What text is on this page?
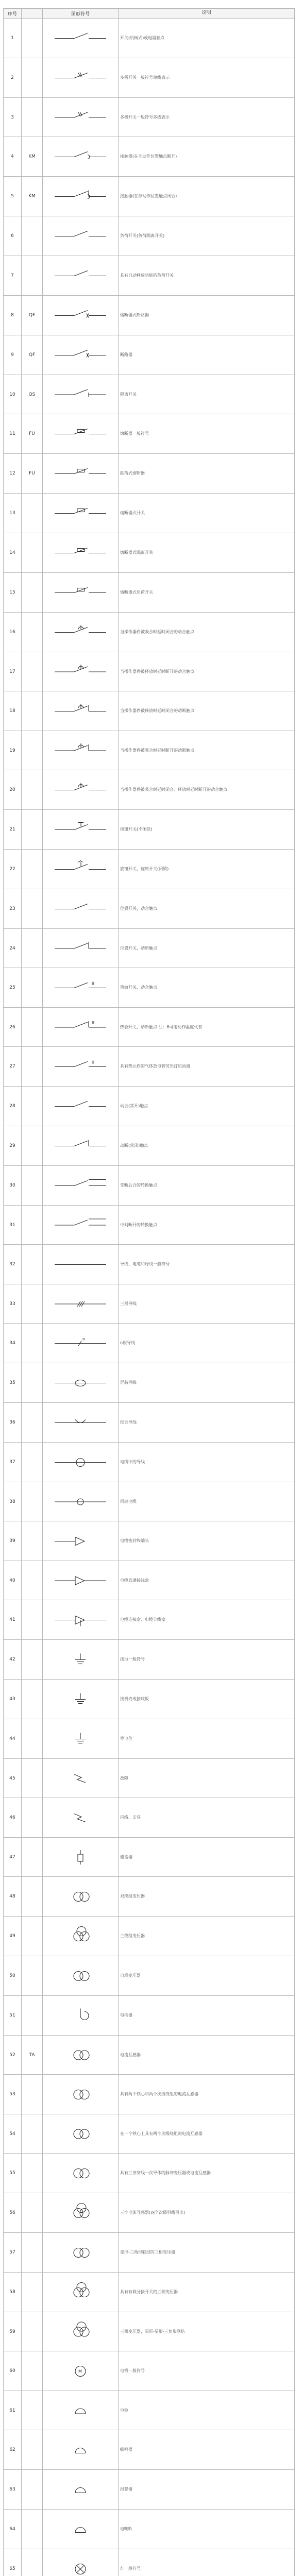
序号		图形符号	说明
1			开关(机械式)或电器触点
2			多极开关一般符号单线表示
3			多极开关一般符号多线表示
4	KM		接触器(在非动作位置触点断开)
5	KM		接触器(在非动作位置触点闭合)
6			负荷开关(负荷隔离开关)
7			具有自动释放功能的负荷开关
8	QF		熔断器式断路器
9	QF		断路器
10	QS		隔离开关
11	FU		熔断器一般符号
12	FU		跌落式熔断器
13			熔断器式开关
14			熔断器式隔离开关
15			熔断器式负荷开关
16			当操作器件被吸合时延时闭合的动合触点
17			当操作器件被释放时延时断开的动合触点
18			当操作器件被释放时延时闭合的动断触点
19			当操作器件被吸合时延时断开的动断触点
20			当操作器件被吸合时延时闭合、释放时延时断开的动合触点
21			按钮开关(不闭锁)
22			旋钮开关、旋转开关(闭锁)
23			位置开关，动合触点
24			位置开关，动断触点
25		θ	热敏开关，动合触点
26		θ	热敏开关，动断触点 注：θ可用动作温度代替
27		θ	具有热元件的气体放电管荧光灯启动器
28			动合(常开)触点
29			动断(常闭)触点
30			先断后合的转换触点
31			中间断开的转换触点
32			导线、电缆和母线一般符号
33			三根导线
34		n	n根导线
35			屏蔽导线
36			绞合导线
37			电缆中的导线
38			同轴电缆
39			电缆密封终端头
40			电缆直通接线盒
41			电缆连接盒、电缆分线盒
42			接地一般符号
43			接机壳或接底板
44			等电位
45			故障
46			闪络、击穿
47			避雷器
48			双绕组变压器
49			三绕组变压器
50			自耦变压器
51			电抗器
52	TA		电流互感器
53			具有两个铁心和两个次级绕组的电流互感器
54			在一个铁心上具有两个次级绕组的电流互感器
55			具有三条穿线一次导体的脉冲变压器或电流互感器
56			三个电流互感器(四个次级引线引出)
57			星形-三角形联结的三相变压器
58			具有有载分接开关的三相变压器
59			三相变压器，星形-星形-三角形联结
60		M	电机一般符号
61			电铃
62			蜂鸣器
63			报警器
64			电喇叭
65			灯一般符号
